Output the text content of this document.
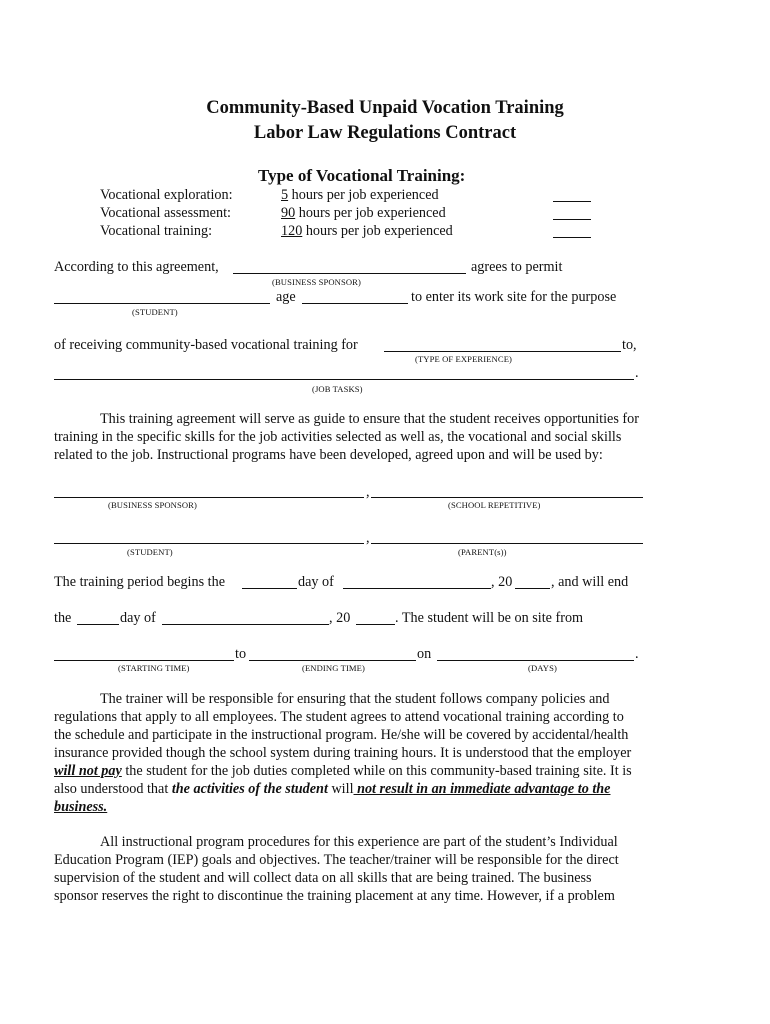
Community-Based Unpaid Vocation Training
Labor Law Regulations Contract
Type of Vocational Training:
Vocational exploration:	5 hours per job experienced
Vocational assessment:	90 hours per job experienced
Vocational training:	120 hours per job experienced
According to this agreement,	agrees to permit
(BUSINESS SPONSOR)
age	to enter its work site for the purpose
(STUDENT)
of receiving community-based vocational training for	to,
(TYPE OF EXPERIENCE)
.
(JOB TASKS)
This training agreement will serve as guide to ensure that the student receives opportunities for
training in the specific skills for the job activities selected as well as, the vocational and social skills
related to the job. Instructional programs have been developed, agreed upon and will be used by:
,
(BUSINESS SPONSOR)	(SCHOOL REPETITIVE)
,
(STUDENT)	(PARENT(s))
The training period begins the	day of	, 20	, and will end
the	day of	, 20	. The student will be on site from
to	on	.
(STARTING TIME)	(ENDING TIME)	(DAYS)
The trainer will be responsible for ensuring that the student follows company policies and
regulations that apply to all employees. The student agrees to attend vocational training according to
the schedule and participate in the instructional program. He/she will be covered by accidental/health
insurance provided though the school system during training hours. It is understood that the employer
will not pay the student for the job duties completed while on this community-based training site. It is
also understood that the activities of the student will not result in an immediate advantage to the
business.
All instructional program procedures for this experience are part of the student’s Individual
Education Program (IEP) goals and objectives. The teacher/trainer will be responsible for the direct
supervision of the student and will collect data on all skills that are being trained. The business
sponsor reserves the right to discontinue the training placement at any time. However, if a problem
